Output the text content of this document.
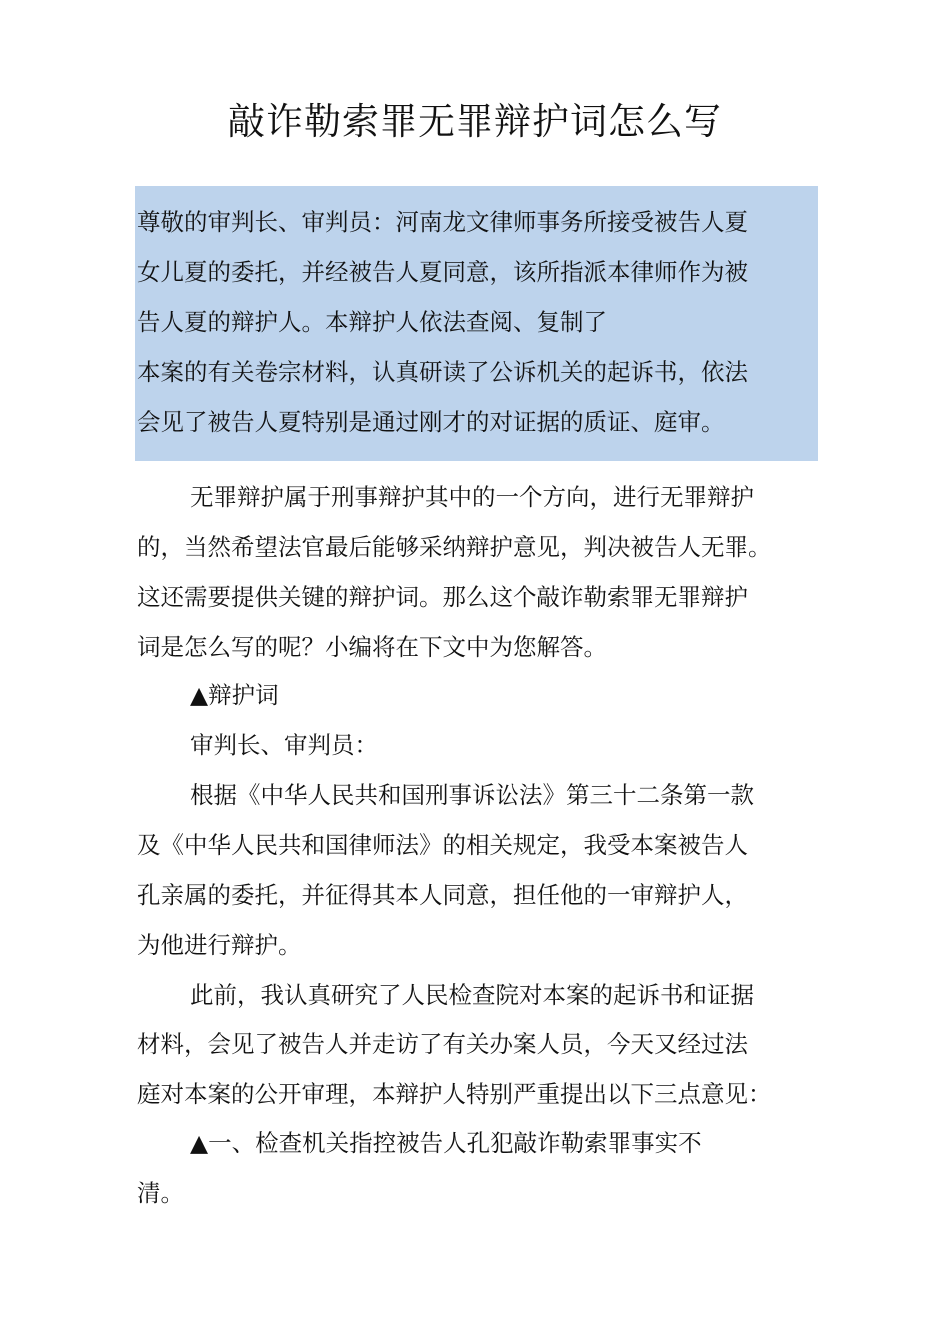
敲诈勒索罪无罪辩护词怎么写
尊敬的审判长、审判员：河南龙文律师事务所接受被告人夏
女儿夏的委托，并经被告人夏同意，该所指派本律师作为被
告人夏的辩护人。本辩护人依法查阅、复制了
本案的有关卷宗材料，认真研读了公诉机关的起诉书，依法
会见了被告人夏特别是通过刚才的对证据的质证、庭审。
无罪辩护属于刑事辩护其中的一个方向，进行无罪辩护
的，当然希望法官最后能够采纳辩护意见，判决被告人无罪。
这还需要提供关键的辩护词。那么这个敲诈勒索罪无罪辩护
词是怎么写的呢？小编将在下文中为您解答。
▲辩护词
审判长、审判员：
根据《中华人民共和国刑事诉讼法》第三十二条第一款
及《中华人民共和国律师法》的相关规定，我受本案被告人
孔亲属的委托，并征得其本人同意，担任他的一审辩护人，
为他进行辩护。
此前，我认真研究了人民检查院对本案的起诉书和证据
材料，会见了被告人并走访了有关办案人员，今天又经过法
庭对本案的公开审理，本辩护人特别严重提出以下三点意见：
▲一、检查机关指控被告人孔犯敲诈勒索罪事实不
清。
